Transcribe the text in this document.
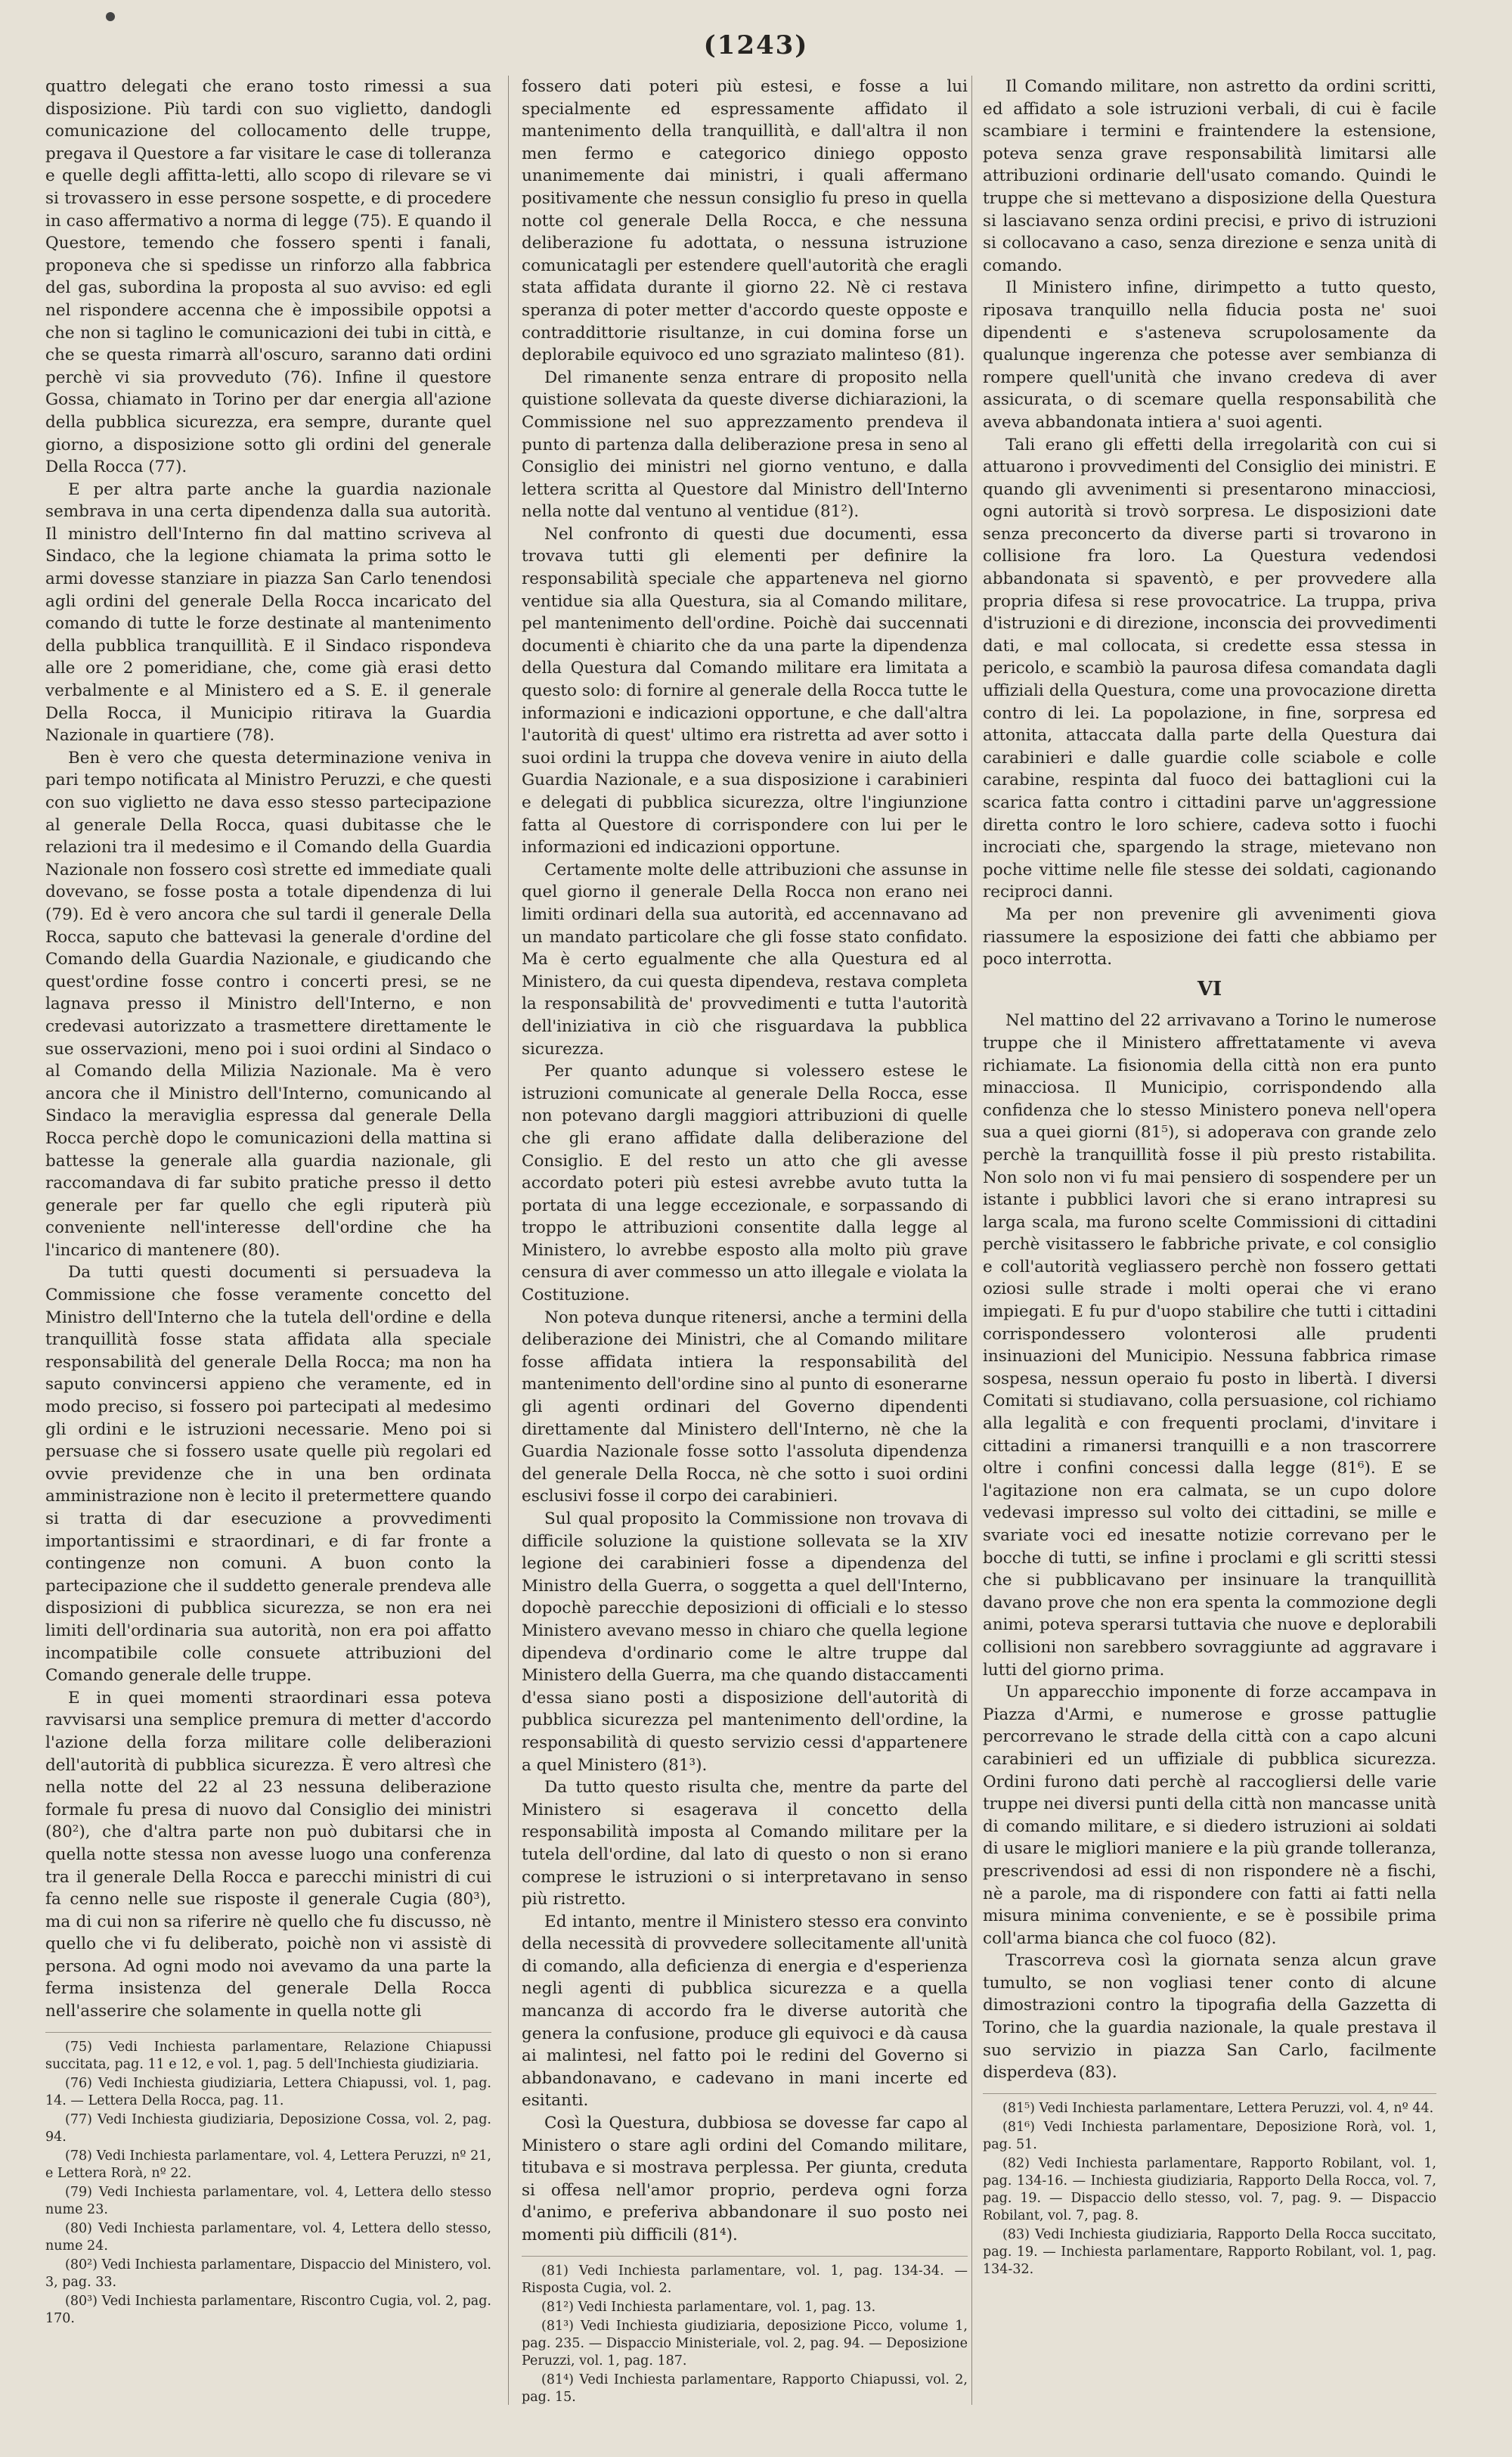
(1243)

quattro delegati che erano tosto rimessi a sua disposizione. Più tardi con suo viglietto, dandogli comunicazione del collocamento delle truppe, pregava il Questore a far visitare le case di tolleranza e quelle degli affitta-letti, allo scopo di rilevare se vi si trovassero in esse persone sospette, e di procedere in caso affermativo a norma di legge (75). E quando il Questore, temendo che fossero spenti i fanali, proponeva che si spedisse un rinforzo alla fabbrica del gas, subordina la proposta al suo avviso: ed egli nel rispondere accenna che è impossibile oppotsi a che non si taglino le comunicazioni dei tubi in città, e che se questa rimarrà all'oscuro, saranno dati ordini perchè vi sia provveduto (76). Infine il questore Gossa, chiamato in Torino per dar energia all'azione della pubblica sicurezza, era sempre, durante quel giorno, a disposizione sotto gli ordini del generale Della Rocca (77).

E per altra parte anche la guardia nazionale sembrava in una certa dipendenza dalla sua autorità. Il ministro dell'Interno fin dal mattino scriveva al Sindaco, che la legione chiamata la prima sotto le armi dovesse stanziare in piazza San Carlo tenendosi agli ordini del generale Della Rocca incaricato del comando di tutte le forze destinate al mantenimento della pubblica tranquillità. E il Sindaco rispondeva alle ore 2 pomeridiane, che, come già erasi detto verbalmente e al Ministero ed a S. E. il generale Della Rocca, il Municipio ritirava la Guardia Nazionale in quartiere (78).

Ben è vero che questa determinazione veniva in pari tempo notificata al Ministro Peruzzi, e che questi con suo viglietto ne dava esso stesso partecipazione al generale Della Rocca, quasi dubitasse che le relazioni tra il medesimo e il Comando della Guardia Nazionale non fossero così strette ed immediate quali dovevano, se fosse posta a totale dipendenza di lui (79). Ed è vero ancora che sul tardi il generale Della Rocca, saputo che battevasi la generale d'ordine del Comando della Guardia Nazionale, e giudicando che quest'ordine fosse contro i concerti presi, se ne lagnava presso il Ministro dell'Interno, e non credevasi autorizzato a trasmettere direttamente le sue osservazioni, meno poi i suoi ordini al Sindaco o al Comando della Milizia Nazionale. Ma è vero ancora che il Ministro dell'Interno, comunicando al Sindaco la meraviglia espressa dal generale Della Rocca perchè dopo le comunicazioni della mattina si battesse la generale alla guardia nazionale, gli raccomandava di far subito pratiche presso il detto generale per far quello che egli riputerà più conveniente nell'interesse dell'ordine che ha l'incarico di mantenere (80).

Da tutti questi documenti si persuadeva la Commissione che fosse veramente concetto del Ministro dell'Interno che la tutela dell'ordine e della tranquillità fosse stata affidata alla speciale responsabilità del generale Della Rocca; ma non ha saputo convincersi appieno che veramente, ed in modo preciso, si fossero poi partecipati al medesimo gli ordini e le istruzioni necessarie. Meno poi si persuase che si fossero usate quelle più regolari ed ovvie previdenze che in una ben ordinata amministrazione non è lecito il pretermettere quando si tratta di dar esecuzione a provvedimenti importantissimi e straordinari, e di far fronte a contingenze non comuni. A buon conto la partecipazione che il suddetto generale prendeva alle disposizioni di pubblica sicurezza, se non era nei limiti dell'ordinaria sua autorità, non era poi affatto incompatibile colle consuete attribuzioni del Comando generale delle truppe.

E in quei momenti straordinari essa poteva ravvisarsi una semplice premura di metter d'accordo l'azione della forza militare colle deliberazioni dell'autorità di pubblica sicurezza. È vero altresì che nella notte del 22 al 23 nessuna deliberazione formale fu presa di nuovo dal Consiglio dei ministri (80²), che d'altra parte non può dubitarsi che in quella notte stessa non avesse luogo una conferenza tra il generale Della Rocca e parecchi ministri di cui fa cenno nelle sue risposte il generale Cugia (80³), ma di cui non sa riferire nè quello che fu discusso, nè quello che vi fu deliberato, poichè non vi assistè di persona. Ad ogni modo noi avevamo da una parte la ferma insistenza del generale Della Rocca nell'asserire che solamente in quella notte gli

(75) Vedi Inchiesta parlamentare, Relazione Chiapussi succitata, pag. 11 e 12, e vol. 1, pag. 5 dell'Inchiesta giudiziaria.
(76) Vedi Inchiesta giudiziaria, Lettera Chiapussi, vol. 1, pag. 14. — Lettera Della Rocca, pag. 11.
(77) Vedi Inchiesta giudiziaria, Deposizione Cossa, vol. 2, pag. 94.
(78) Vedi Inchiesta parlamentare, vol. 4, Lettera Peruzzi, nº 21, e Lettera Rorà, nº 22.
(79) Vedi Inchiesta parlamentare, vol. 4, Lettera dello stesso nume 23.
(80) Vedi Inchiesta parlamentare, vol. 4, Lettera dello stesso, nume 24.
(80²) Vedi Inchiesta parlamentare, Dispaccio del Ministero, vol. 3, pag. 33.
(80³) Vedi Inchiesta parlamentare, Riscontro Cugia, vol. 2, pag. 170.

fossero dati poteri più estesi, e fosse a lui specialmente ed espressamente affidato il mantenimento della tranquillità, e dall'altra il non men fermo e categorico diniego opposto unanimemente dai ministri, i quali affermano positivamente che nessun consiglio fu preso in quella notte col generale Della Rocca, e che nessuna deliberazione fu adottata, o nessuna istruzione comunicatagli per estendere quell'autorità che eragli stata affidata durante il giorno 22. Nè ci restava speranza di poter metter d'accordo queste opposte e contraddittorie risultanze, in cui domina forse un deplorabile equivoco ed uno sgraziato malinteso (81).

Del rimanente senza entrare di proposito nella quistione sollevata da queste diverse dichiarazioni, la Commissione nel suo apprezzamento prendeva il punto di partenza dalla deliberazione presa in seno al Consiglio dei ministri nel giorno ventuno, e dalla lettera scritta al Questore dal Ministro dell'Interno nella notte dal ventuno al ventidue (81²).

Nel confronto di questi due documenti, essa trovava tutti gli elementi per definire la responsabilità speciale che apparteneva nel giorno ventidue sia alla Questura, sia al Comando militare, pel mantenimento dell'ordine. Poichè dai succennati documenti è chiarito che da una parte la dipendenza della Questura dal Comando militare era limitata a questo solo: di fornire al generale della Rocca tutte le informazioni e indicazioni opportune, e che dall'altra l'autorità di quest' ultimo era ristretta ad aver sotto i suoi ordini la truppa che doveva venire in aiuto della Guardia Nazionale, e a sua disposizione i carabinieri e delegati di pubblica sicurezza, oltre l'ingiunzione fatta al Questore di corrispondere con lui per le informazioni ed indicazioni opportune.

Certamente molte delle attribuzioni che assunse in quel giorno il generale Della Rocca non erano nei limiti ordinari della sua autorità, ed accennavano ad un mandato particolare che gli fosse stato confidato. Ma è certo egualmente che alla Questura ed al Ministero, da cui questa dipendeva, restava completa la responsabilità de' provvedimenti e tutta l'autorità dell'iniziativa in ciò che risguardava la pubblica sicurezza.

Per quanto adunque si volessero estese le istruzioni comunicate al generale Della Rocca, esse non potevano dargli maggiori attribuzioni di quelle che gli erano affidate dalla deliberazione del Consiglio. E del resto un atto che gli avesse accordato poteri più estesi avrebbe avuto tutta la portata di una legge eccezionale, e sorpassando di troppo le attribuzioni consentite dalla legge al Ministero, lo avrebbe esposto alla molto più grave censura di aver commesso un atto illegale e violata la Costituzione.

Non poteva dunque ritenersi, anche a termini della deliberazione dei Ministri, che al Comando militare fosse affidata intiera la responsabilità del mantenimento dell'ordine sino al punto di esonerarne gli agenti ordinari del Governo dipendenti direttamente dal Ministero dell'Interno, nè che la Guardia Nazionale fosse sotto l'assoluta dipendenza del generale Della Rocca, nè che sotto i suoi ordini esclusivi fosse il corpo dei carabinieri.

Sul qual proposito la Commissione non trovava di difficile soluzione la quistione sollevata se la XIV legione dei carabinieri fosse a dipendenza del Ministro della Guerra, o soggetta a quel dell'Interno, dopochè parecchie deposizioni di officiali e lo stesso Ministero avevano messo in chiaro che quella legione dipendeva d'ordinario come le altre truppe dal Ministero della Guerra, ma che quando distaccamenti d'essa siano posti a disposizione dell'autorità di pubblica sicurezza pel mantenimento dell'ordine, la responsabilità di questo servizio cessi d'appartenere a quel Ministero (81³).

Da tutto questo risulta che, mentre da parte del Ministero si esagerava il concetto della responsabilità imposta al Comando militare per la tutela dell'ordine, dal lato di questo o non si erano comprese le istruzioni o si interpretavano in senso più ristretto.

Ed intanto, mentre il Ministero stesso era convinto della necessità di provvedere sollecitamente all'unità di comando, alla deficienza di energia e d'esperienza negli agenti di pubblica sicurezza e a quella mancanza di accordo fra le diverse autorità che genera la confusione, produce gli equivoci e dà causa ai malintesi, nel fatto poi le redini del Governo si abbandonavano, e cadevano in mani incerte ed esitanti.

Così la Questura, dubbiosa se dovesse far capo al Ministero o stare agli ordini del Comando militare, titubava e si mostrava perplessa. Per giunta, creduta si offesa nell'amor proprio, perdeva ogni forza d'animo, e preferiva abbandonare il suo posto nei momenti più difficili (81⁴).

(81) Vedi Inchiesta parlamentare, vol. 1, pag. 134-34. — Risposta Cugia, vol. 2.
(81²) Vedi Inchiesta parlamentare, vol. 1, pag. 13.
(81³) Vedi Inchiesta giudiziaria, deposizione Picco, volume 1, pag. 235. — Dispaccio Ministeriale, vol. 2, pag. 94. — Deposizione Peruzzi, vol. 1, pag. 187.
(81⁴) Vedi Inchiesta parlamentare, Rapporto Chiapussi, vol. 2, pag. 15.

Il Comando militare, non astretto da ordini scritti, ed affidato a sole istruzioni verbali, di cui è facile scambiare i termini e fraintendere la estensione, poteva senza grave responsabilità limitarsi alle attribuzioni ordinarie dell'usato comando. Quindi le truppe che si mettevano a disposizione della Questura si lasciavano senza ordini precisi, e privo di istruzioni si collocavano a caso, senza direzione e senza unità di comando.

Il Ministero infine, dirimpetto a tutto questo, riposava tranquillo nella fiducia posta ne' suoi dipendenti e s'asteneva scrupolosamente da qualunque ingerenza che potesse aver sembianza di rompere quell'unità che invano credeva di aver assicurata, o di scemare quella responsabilità che aveva abbandonata intiera a' suoi agenti.

Tali erano gli effetti della irregolarità con cui si attuarono i provvedimenti del Consiglio dei ministri. E quando gli avvenimenti si presentarono minacciosi, ogni autorità si trovò sorpresa. Le disposizioni date senza preconcerto da diverse parti si trovarono in collisione fra loro. La Questura vedendosi abbandonata si spaventò, e per provvedere alla propria difesa si rese provocatrice. La truppa, priva d'istruzioni e di direzione, inconscia dei provvedimenti dati, e mal collocata, si credette essa stessa in pericolo, e scambiò la paurosa difesa comandata dagli uffiziali della Questura, come una provocazione diretta contro di lei. La popolazione, in fine, sorpresa ed attonita, attaccata dalla parte della Questura dai carabinieri e dalle guardie colle sciabole e colle carabine, respinta dal fuoco dei battaglioni cui la scarica fatta contro i cittadini parve un'aggressione diretta contro le loro schiere, cadeva sotto i fuochi incrociati che, spargendo la strage, mietevano non poche vittime nelle file stesse dei soldati, cagionando reciproci danni.

Ma per non prevenire gli avvenimenti giova riassumere la esposizione dei fatti che abbiamo per poco interrotta.

VI

Nel mattino del 22 arrivavano a Torino le numerose truppe che il Ministero affrettatamente vi aveva richiamate. La fisionomia della città non era punto minacciosa. Il Municipio, corrispondendo alla confidenza che lo stesso Ministero poneva nell'opera sua a quei giorni (81⁵), si adoperava con grande zelo perchè la tranquillità fosse il più presto ristabilita. Non solo non vi fu mai pensiero di sospendere per un istante i pubblici lavori che si erano intrapresi su larga scala, ma furono scelte Commissioni di cittadini perchè visitassero le fabbriche private, e col consiglio e coll'autorità vegliassero perchè non fossero gettati oziosi sulle strade i molti operai che vi erano impiegati. E fu pur d'uopo stabilire che tutti i cittadini corrispondessero volonterosi alle prudenti insinuazioni del Municipio. Nessuna fabbrica rimase sospesa, nessun operaio fu posto in libertà. I diversi Comitati si studiavano, colla persuasione, col richiamo alla legalità e con frequenti proclami, d'invitare i cittadini a rimanersi tranquilli e a non trascorrere oltre i confini concessi dalla legge (81⁶). E se l'agitazione non era calmata, se un cupo dolore vedevasi impresso sul volto dei cittadini, se mille e svariate voci ed inesatte notizie correvano per le bocche di tutti, se infine i proclami e gli scritti stessi che si pubblicavano per insinuare la tranquillità davano prove che non era spenta la commozione degli animi, poteva sperarsi tuttavia che nuove e deplorabili collisioni non sarebbero sovraggiunte ad aggravare i lutti del giorno prima.

Un apparecchio imponente di forze accampava in Piazza d'Armi, e numerose e grosse pattuglie percorrevano le strade della città con a capo alcuni carabinieri ed un uffiziale di pubblica sicurezza. Ordini furono dati perchè al raccogliersi delle varie truppe nei diversi punti della città non mancasse unità di comando militare, e si diedero istruzioni ai soldati di usare le migliori maniere e la più grande tolleranza, prescrivendosi ad essi di non rispondere nè a fischi, nè a parole, ma di rispondere con fatti ai fatti nella misura minima conveniente, e se è possibile prima coll'arma bianca che col fuoco (82).

Trascorreva così la giornata senza alcun grave tumulto, se non vogliasi tener conto di alcune dimostrazioni contro la tipografia della Gazzetta di Torino, che la guardia nazionale, la quale prestava il suo servizio in piazza San Carlo, facilmente disperdeva (83).

(81⁵) Vedi Inchiesta parlamentare, Lettera Peruzzi, vol. 4, nº 44.
(81⁶) Vedi Inchiesta parlamentare, Deposizione Rorà, vol. 1, pag. 51.
(82) Vedi Inchiesta parlamentare, Rapporto Robilant, vol. 1, pag. 134-16. — Inchiesta giudiziaria, Rapporto Della Rocca, vol. 7, pag. 19. — Dispaccio dello stesso, vol. 7, pag. 9. — Dispaccio Robilant, vol. 7, pag. 8.
(83) Vedi Inchiesta giudiziaria, Rapporto Della Rocca succitato, pag. 19. — Inchiesta parlamentare, Rapporto Robilant, vol. 1, pag. 134-32.
